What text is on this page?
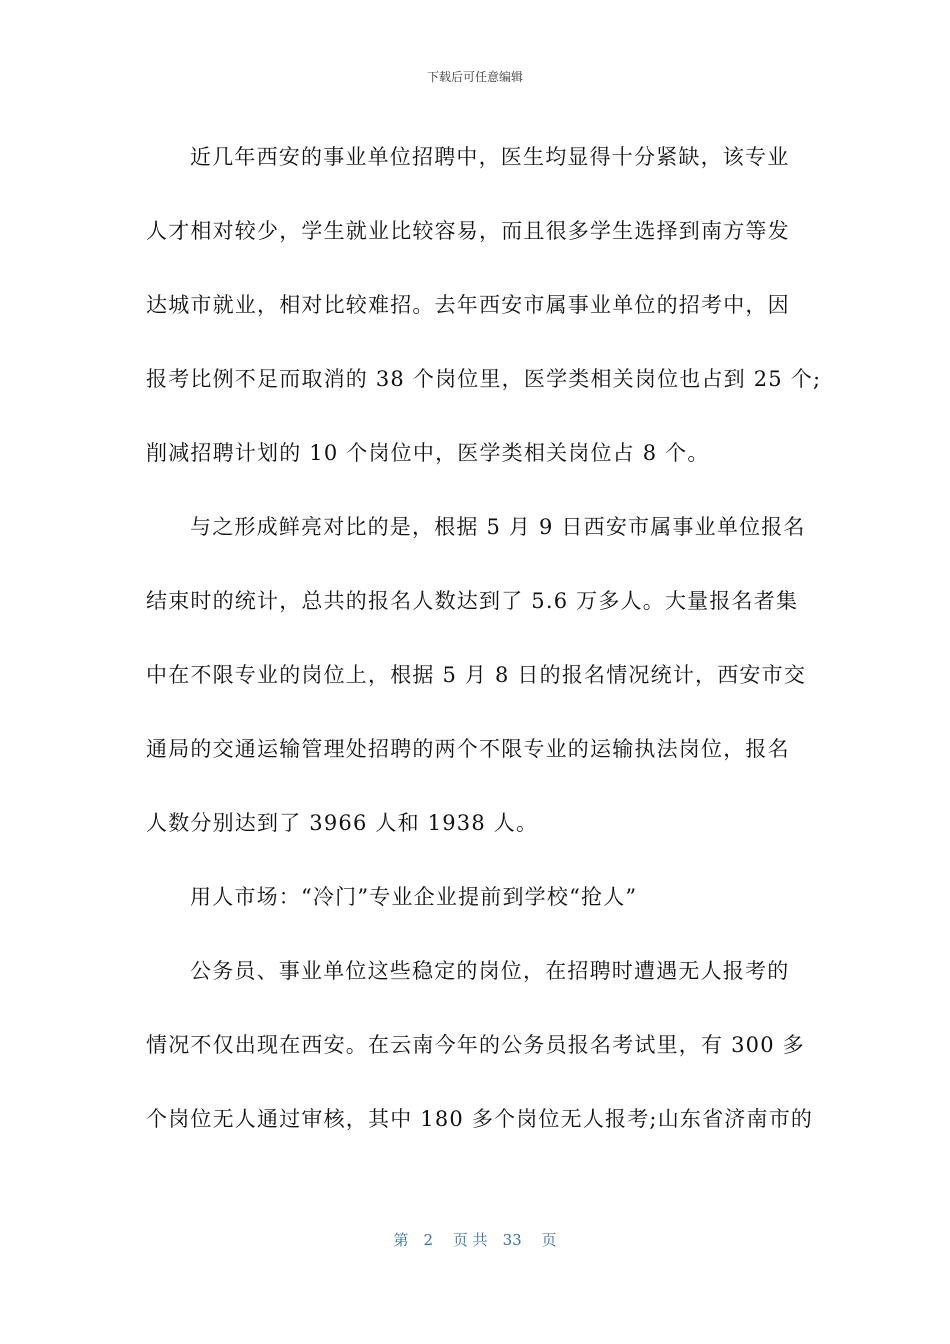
下载后可任意编辑
近几年西安的事业单位招聘中，医生均显得十分紧缺，该专业
人才相对较少，学生就业比较容易，而且很多学生选择到南方等发
达城市就业，相对比较难招。去年西安市属事业单位的招考中，因
报考比例不足而取消的 38 个岗位里，医学类相关岗位也占到 25 个;
削减招聘计划的 10 个岗位中，医学类相关岗位占 8 个。
与之形成鲜亮对比的是，根据 5 月 9 日西安市属事业单位报名
结束时的统计，总共的报名人数达到了 5.6 万多人。大量报名者集
中在不限专业的岗位上，根据 5 月 8 日的报名情况统计，西安市交
通局的交通运输管理处招聘的两个不限专业的运输执法岗位，报名
人数分别达到了 3966 人和 1938 人。
用人市场：“冷门”专业企业提前到学校“抢人”
公务员、事业单位这些稳定的岗位，在招聘时遭遇无人报考的
情况不仅出现在西安。在云南今年的公务员报名考试里，有 300 多
个岗位无人通过审核，其中 180 多个岗位无人报考;山东省济南市的
第　2　 页 共　33　 页
